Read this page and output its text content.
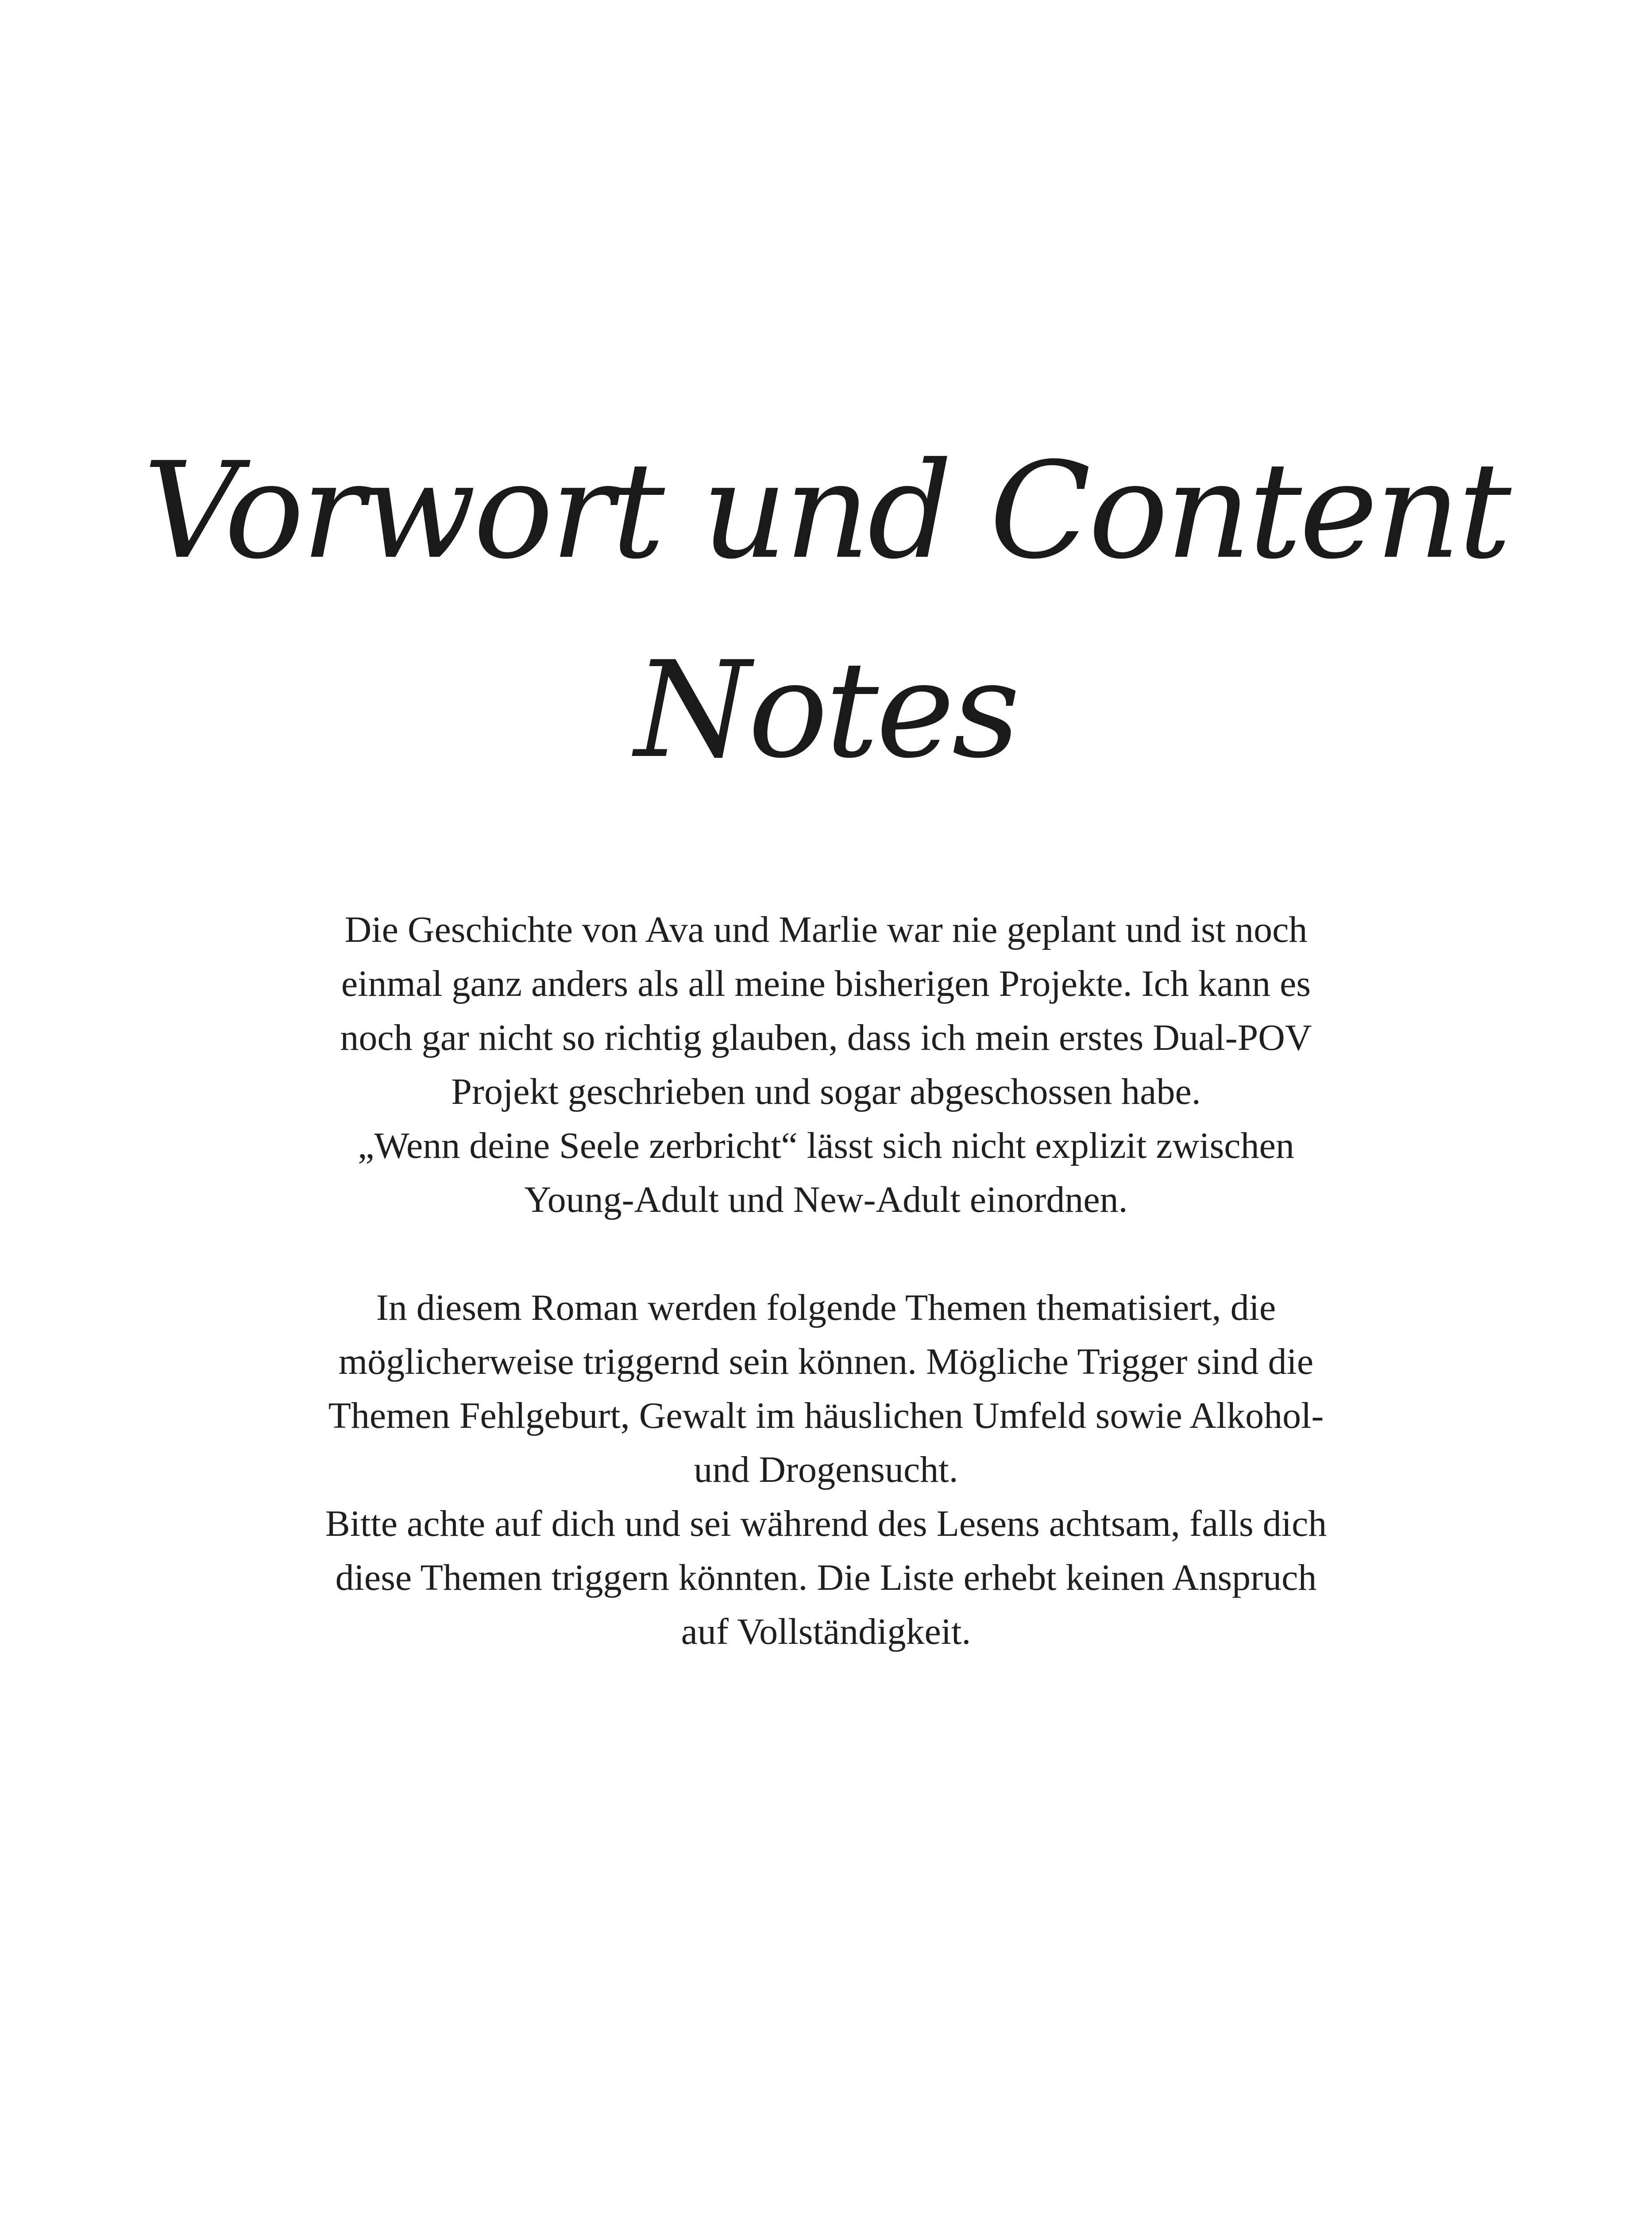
Vorwort und Content
Notes

Die Geschichte von Ava und Marlie war nie geplant und ist noch
einmal ganz anders als all meine bisherigen Projekte. Ich kann es
noch gar nicht so richtig glauben, dass ich mein erstes Dual-POV
Projekt geschrieben und sogar abgeschossen habe.
„Wenn deine Seele zerbricht“ lässt sich nicht explizit zwischen
Young-Adult und New-Adult einordnen.

In diesem Roman werden folgende Themen thematisiert, die
möglicherweise triggernd sein können. Mögliche Trigger sind die
Themen Fehlgeburt, Gewalt im häuslichen Umfeld sowie Alkohol-
und Drogensucht.
Bitte achte auf dich und sei während des Lesens achtsam, falls dich
diese Themen triggern könnten. Die Liste erhebt keinen Anspruch
auf Vollständigkeit.
